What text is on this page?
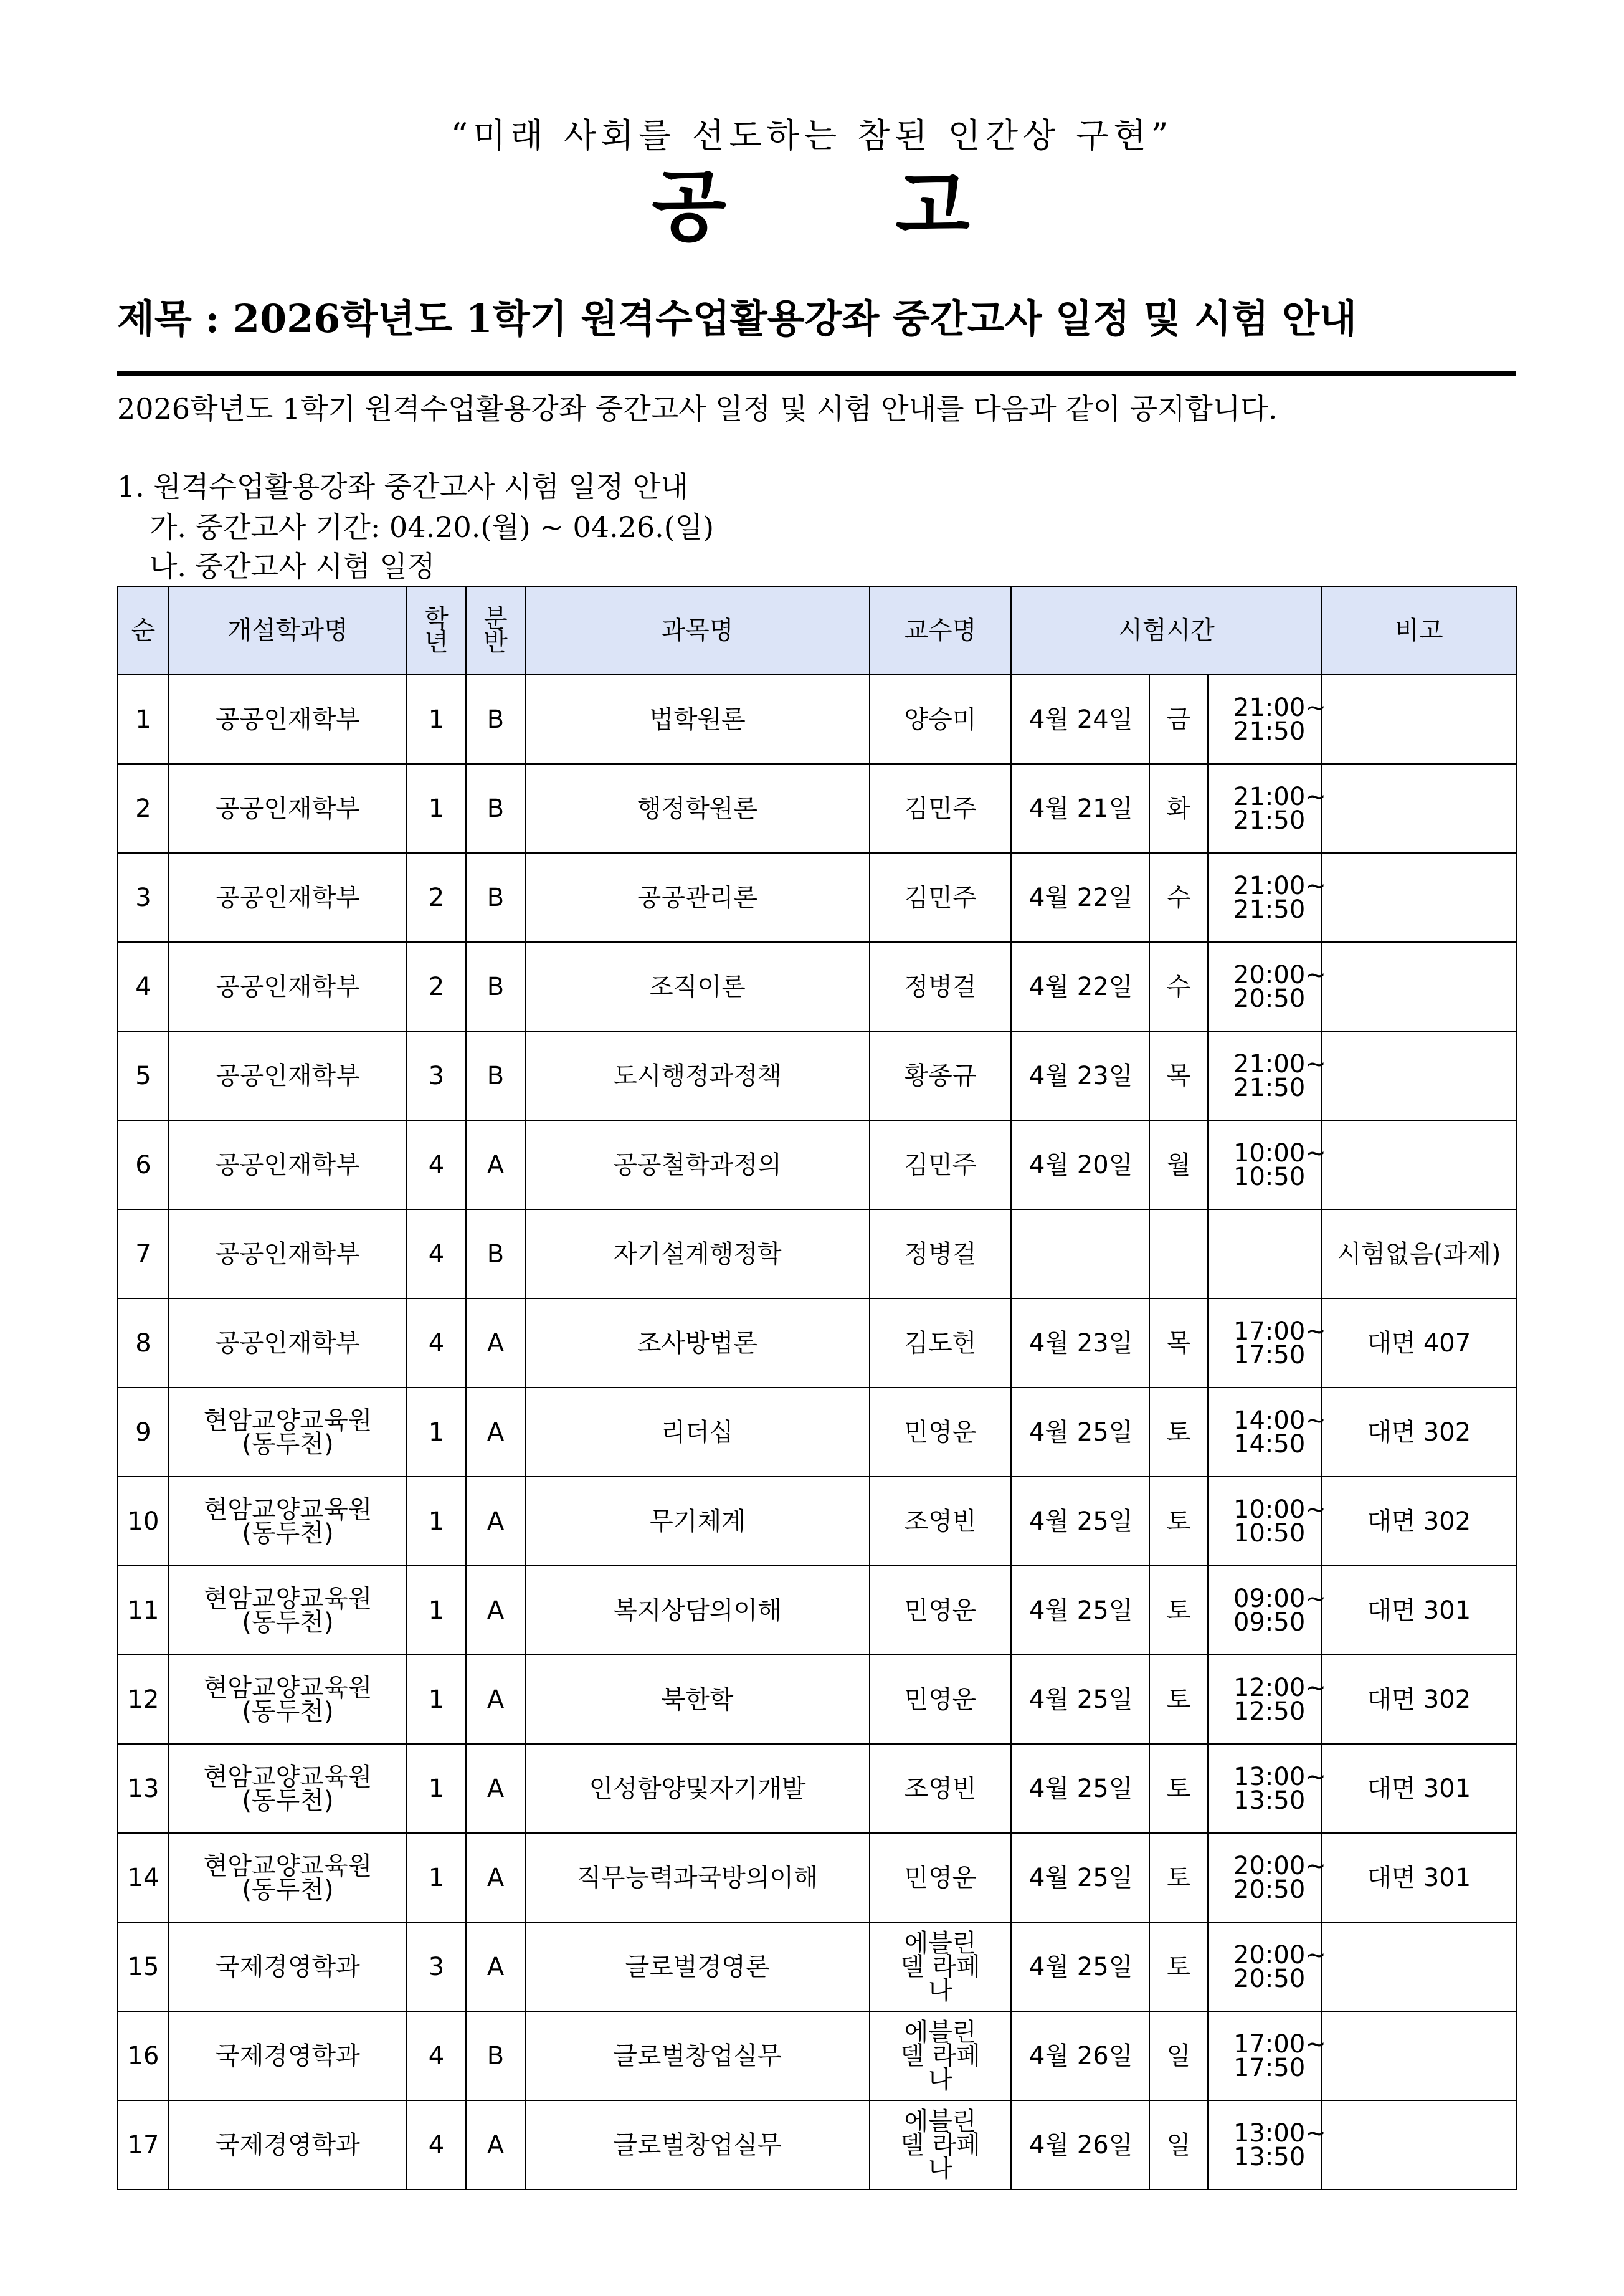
“미래 사회를 선도하는 참된 인간상 구현”
공 고
제목 : 2026학년도 1학기 원격수업활용강좌 중간고사 일정 및 시험 안내
2026학년도 1학기 원격수업활용강좌 중간고사 일정 및 시험 안내를 다음과 같이 공지합니다.
1. 원격수업활용강좌 중간고사 시험 일정 안내
가. 중간고사 기간: 04.20.(월) ~ 04.26.(일)
나. 중간고사 시험 일정
순	개설학과명	학년	분반	과목명	교수명	시험시간			비고
1	공공인재학부	1	B	법학원론	양승미	4월 24일	금	21:00~ 21:50	
2	공공인재학부	1	B	행정학원론	김민주	4월 21일	화	21:00~ 21:50	
3	공공인재학부	2	B	공공관리론	김민주	4월 22일	수	21:00~ 21:50	
4	공공인재학부	2	B	조직이론	정병걸	4월 22일	수	20:00~ 20:50	
5	공공인재학부	3	B	도시행정과정책	황종규	4월 23일	목	21:00~ 21:50	
6	공공인재학부	4	A	공공철학과정의	김민주	4월 20일	월	10:00~ 10:50	
7	공공인재학부	4	B	자기설계행정학	정병걸				시험없음(과제)
8	공공인재학부	4	A	조사방법론	김도헌	4월 23일	목	17:00~ 17:50	대면 407
9	현암교양교육원 (동두천)	1	A	리더십	민영운	4월 25일	토	14:00~ 14:50	대면 302
10	현암교양교육원 (동두천)	1	A	무기체계	조영빈	4월 25일	토	10:00~ 10:50	대면 302
11	현암교양교육원 (동두천)	1	A	복지상담의이해	민영운	4월 25일	토	09:00~ 09:50	대면 301
12	현암교양교육원 (동두천)	1	A	북한학	민영운	4월 25일	토	12:00~ 12:50	대면 302
13	현암교양교육원 (동두천)	1	A	인성함양및자기개발	조영빈	4월 25일	토	13:00~ 13:50	대면 301
14	현암교양교육원 (동두천)	1	A	직무능력과국방의이해	민영운	4월 25일	토	20:00~ 20:50	대면 301
15	국제경영학과	3	A	글로벌경영론	에블린델 라페나	4월 25일	토	20:00~ 20:50	
16	국제경영학과	4	B	글로벌창업실무	에블린델 라페나	4월 26일	일	17:00~ 17:50	
17	국제경영학과	4	A	글로벌창업실무	에블린델 라페나	4월 26일	일	13:00~ 13:50	
